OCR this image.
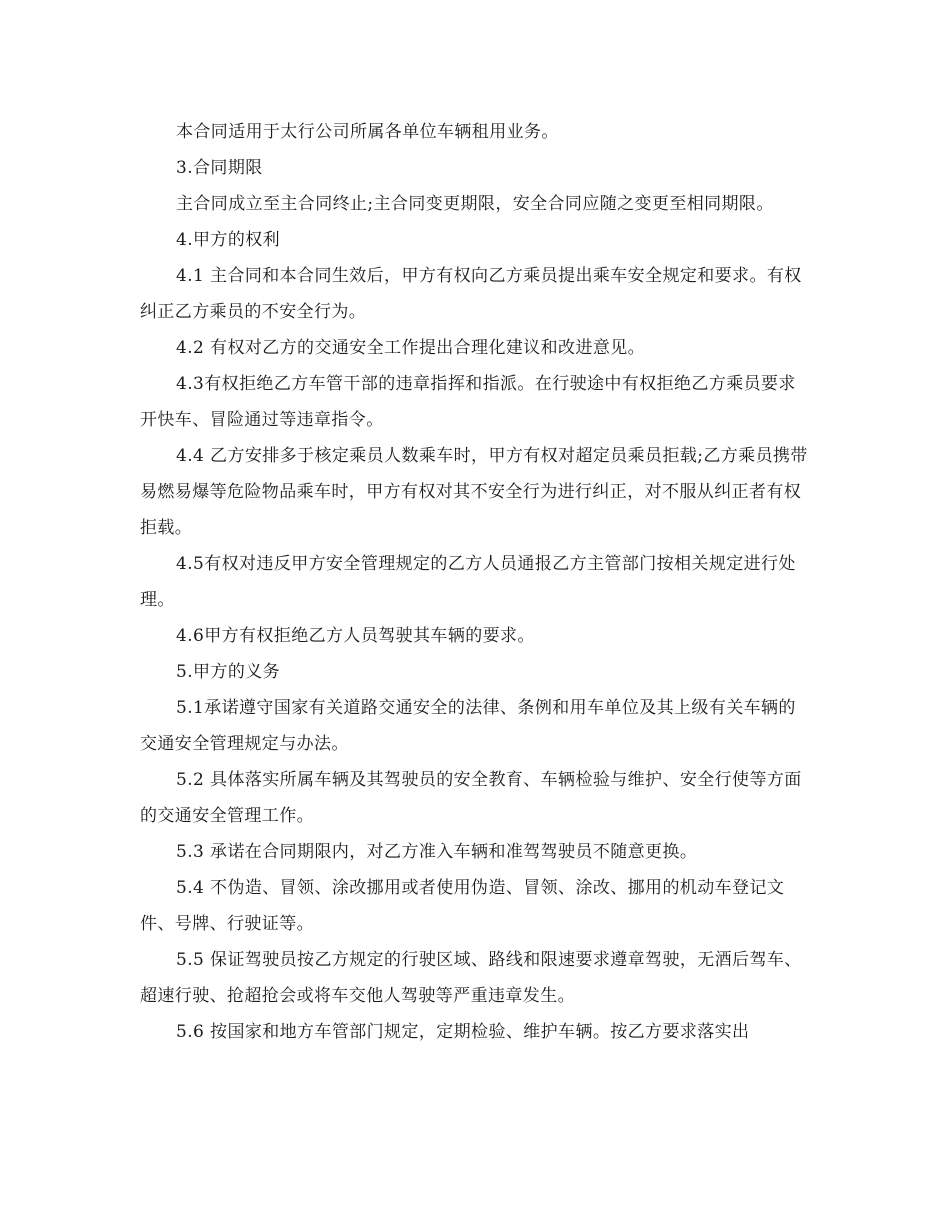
本合同适用于太行公司所属各单位车辆租用业务。

3.合同期限

主合同成立至主合同终止;主合同变更期限，安全合同应随之变更至相同期限。

4.甲方的权利

4.1 主合同和本合同生效后，甲方有权向乙方乘员提出乘车安全规定和要求。有权纠正乙方乘员的不安全行为。

4.2 有权对乙方的交通安全工作提出合理化建议和改进意见。

4.3有权拒绝乙方车管干部的违章指挥和指派。在行驶途中有权拒绝乙方乘员要求开快车、冒险通过等违章指令。

4.4 乙方安排多于核定乘员人数乘车时，甲方有权对超定员乘员拒载;乙方乘员携带易燃易爆等危险物品乘车时，甲方有权对其不安全行为进行纠正，对不服从纠正者有权拒载。

4.5有权对违反甲方安全管理规定的乙方人员通报乙方主管部门按相关规定进行处理。

4.6甲方有权拒绝乙方人员驾驶其车辆的要求。

5.甲方的义务

5.1承诺遵守国家有关道路交通安全的法律、条例和用车单位及其上级有关车辆的交通安全管理规定与办法。

5.2 具体落实所属车辆及其驾驶员的安全教育、车辆检验与维护、安全行使等方面的交通安全管理工作。

5.3 承诺在合同期限内，对乙方准入车辆和准驾驾驶员不随意更换。

5.4 不伪造、冒领、涂改挪用或者使用伪造、冒领、涂改、挪用的机动车登记文件、号牌、行驶证等。

5.5 保证驾驶员按乙方规定的行驶区域、路线和限速要求遵章驾驶，无酒后驾车、超速行驶、抢超抢会或将车交他人驾驶等严重违章发生。

5.6 按国家和地方车管部门规定，定期检验、维护车辆。按乙方要求落实出
